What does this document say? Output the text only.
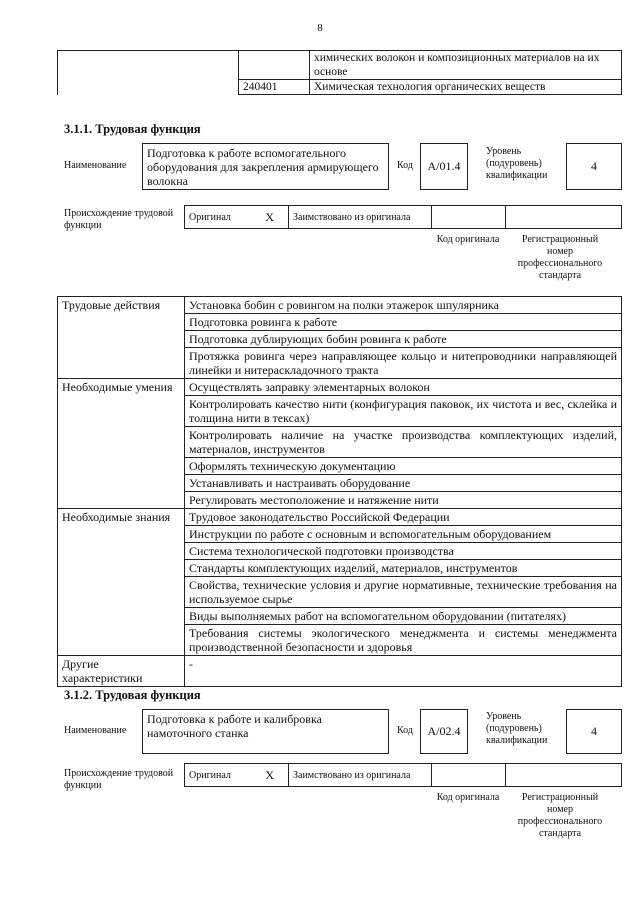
8
		химических волокон и композиционных материалов на их основе
	240401	Химическая технология органических веществ
3.1.1. Трудовая функция
Наименование
Подготовка к работе вспомогательного оборудования для закрепления армирующего волокна
Код	A/01.4
Уровень (подуровень) квалификации
4
Происхождение трудовой функции
Оригинал	X	Заимствовано из оригинала
Код оригинала	Регистрационный номер профессионального стандарта
Трудовые действия	Установка бобин с ровингом на полки этажерок шпулярника
	Подготовка ровинга к работе
	Подготовка дублирующих бобин ровинга к работе
	Протяжка ровинга через направляющее кольцо и нитепроводники направляющей линейки и нитераскладочного тракта
Необходимые умения	Осуществлять заправку элементарных волокон
	Контролировать качество нити (конфигурация паковок, их чистота и вес, склейка и толщина нити в тексах)
	Контролировать наличие на участке производства комплектующих изделий, материалов, инструментов
	Оформлять техническую документацию
	Устанавливать и настраивать оборудование
	Регулировать местоположение и натяжение нити
Необходимые знания	Трудовое законодательство Российской Федерации
	Инструкции по работе с основным и вспомогательным оборудованием
	Система технологической подготовки производства
	Стандарты комплектующих изделий, материалов, инструментов
	Свойства, технические условия и другие нормативные, технические требования на используемое сырье
	Виды выполняемых работ на вспомогательном оборудовании (питателях)
	Требования системы экологического менеджмента и системы менеджмента производственной безопасности и здоровья
Другие характеристики	-
3.1.2. Трудовая функция
Наименование
Подготовка к работе и калибровка намоточного станка	Код	A/02.4
Уровень (подуровень) квалификации
4
Происхождение трудовой функции
Оригинал	X	Заимствовано из оригинала
Код оригинала	Регистрационный номер профессионального стандарта
